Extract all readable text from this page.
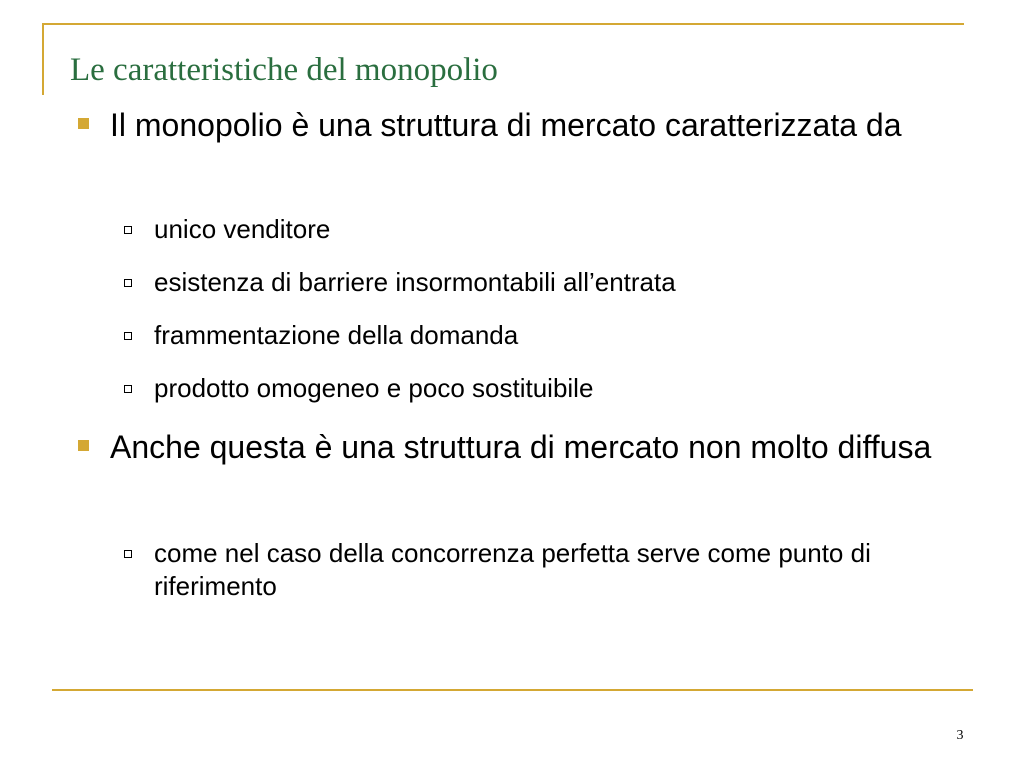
Le caratteristiche del monopolio
Il monopolio è una struttura di mercato caratterizzata da
unico venditore
esistenza di barriere insormontabili all’entrata
frammentazione della domanda
prodotto omogeneo e poco sostituibile
Anche questa è una struttura di mercato non molto diffusa
come nel caso della concorrenza perfetta serve come punto di riferimento
3
